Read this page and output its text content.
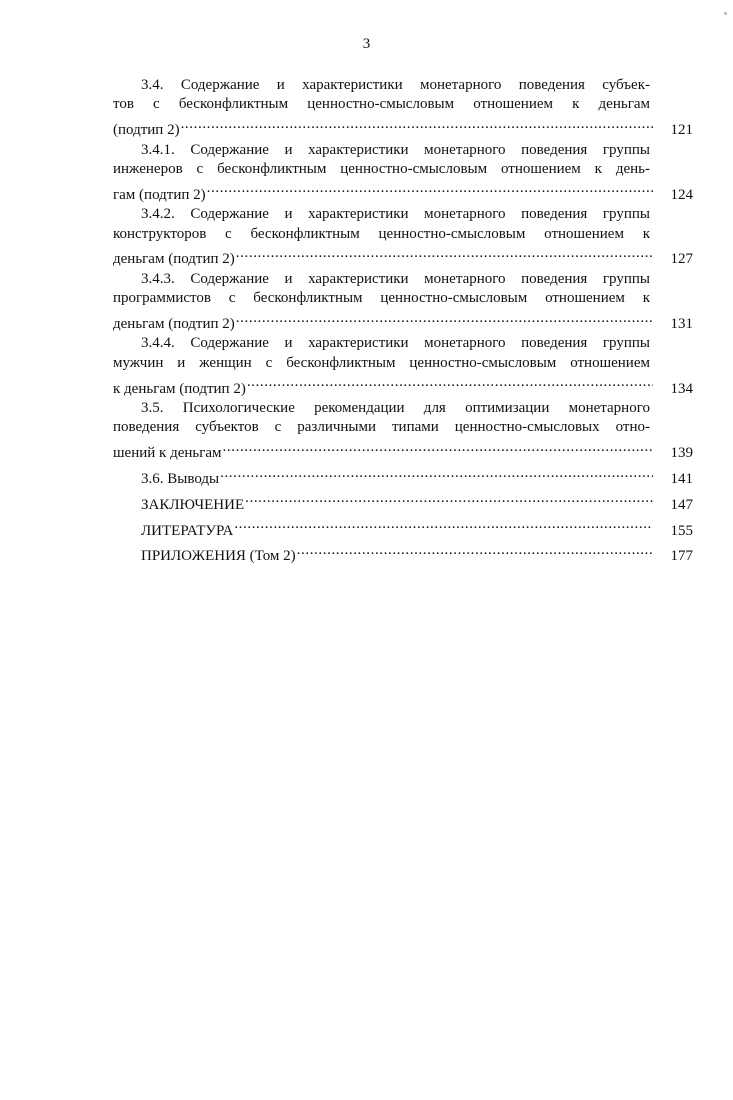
3
3.4. Содержание и характеристики монетарного поведения субъек-
тов с бесконфликтным ценностно-смысловым отношением к деньгам
(подтип 2) .....	121
3.4.1. Содержание и характеристики монетарного поведения группы
инженеров с бесконфликтным ценностно-смысловым отношением к день-
гам (подтип 2) .....	124
3.4.2. Содержание и характеристики монетарного поведения группы
конструкторов с бесконфликтным ценностно-смысловым отношением к
деньгам (подтип 2) .....	127
3.4.3. Содержание и характеристики монетарного поведения группы
программистов с бесконфликтным ценностно-смысловым отношением к
деньгам (подтип 2) .....	131
3.4.4. Содержание и характеристики монетарного поведения группы
мужчин и женщин с бесконфликтным ценностно-смысловым отношением
к деньгам (подтип 2) .....	134
3.5. Психологические рекомендации для оптимизации монетарного
поведения субъектов с различными типами ценностно-смысловых отно-
шений к деньгам .....	139
3.6. Выводы .....	141
ЗАКЛЮЧЕНИЕ .....	147
ЛИТЕРАТУРА .....	155
ПРИЛОЖЕНИЯ (Том 2) .....	177
